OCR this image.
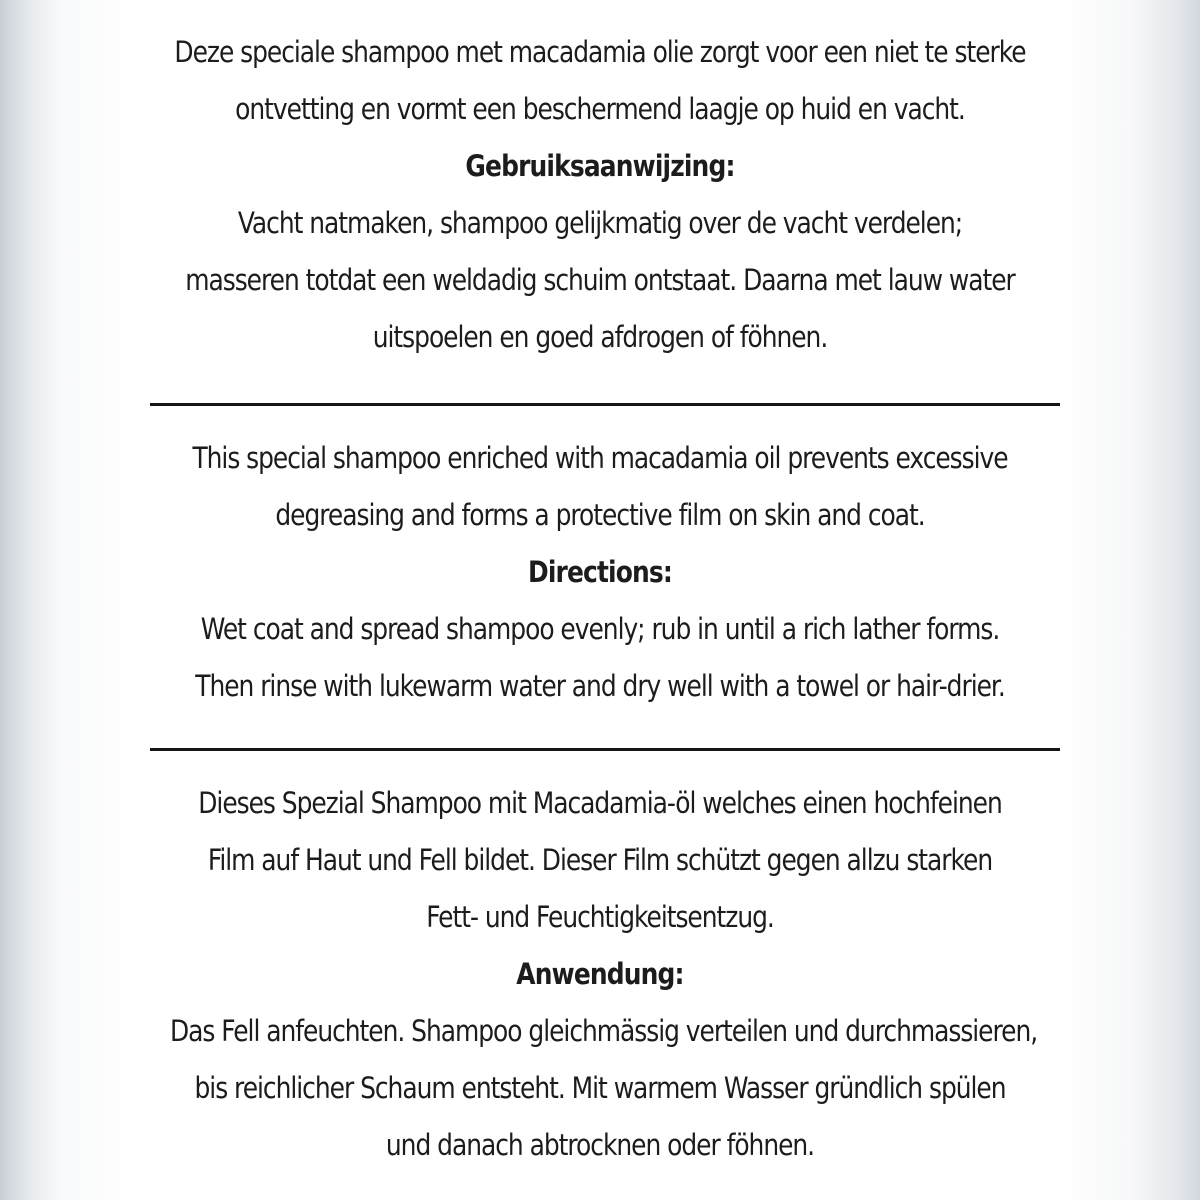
Deze speciale shampoo met macadamia olie zorgt voor een niet te sterke
ontvetting en vormt een beschermend laagje op huid en vacht.
Gebruiksaanwijzing:
Vacht natmaken, shampoo gelijkmatig over de vacht verdelen;
masseren totdat een weldadig schuim ontstaat. Daarna met lauw water
uitspoelen en goed afdrogen of föhnen.
This special shampoo enriched with macadamia oil prevents excessive
degreasing and forms a protective film on skin and coat.
Directions:
Wet coat and spread shampoo evenly; rub in until a rich lather forms.
Then rinse with lukewarm water and dry well with a towel or hair-drier.
Dieses Spezial Shampoo mit Macadamia-öl welches einen hochfeinen
Film auf Haut und Fell bildet. Dieser Film schützt gegen allzu starken
Fett- und Feuchtigkeitsentzug.
Anwendung:
Das Fell anfeuchten. Shampoo gleichmässig verteilen und durchmassieren,
bis reichlicher Schaum entsteht. Mit warmem Wasser gründlich spülen
und danach abtrocknen oder föhnen.
